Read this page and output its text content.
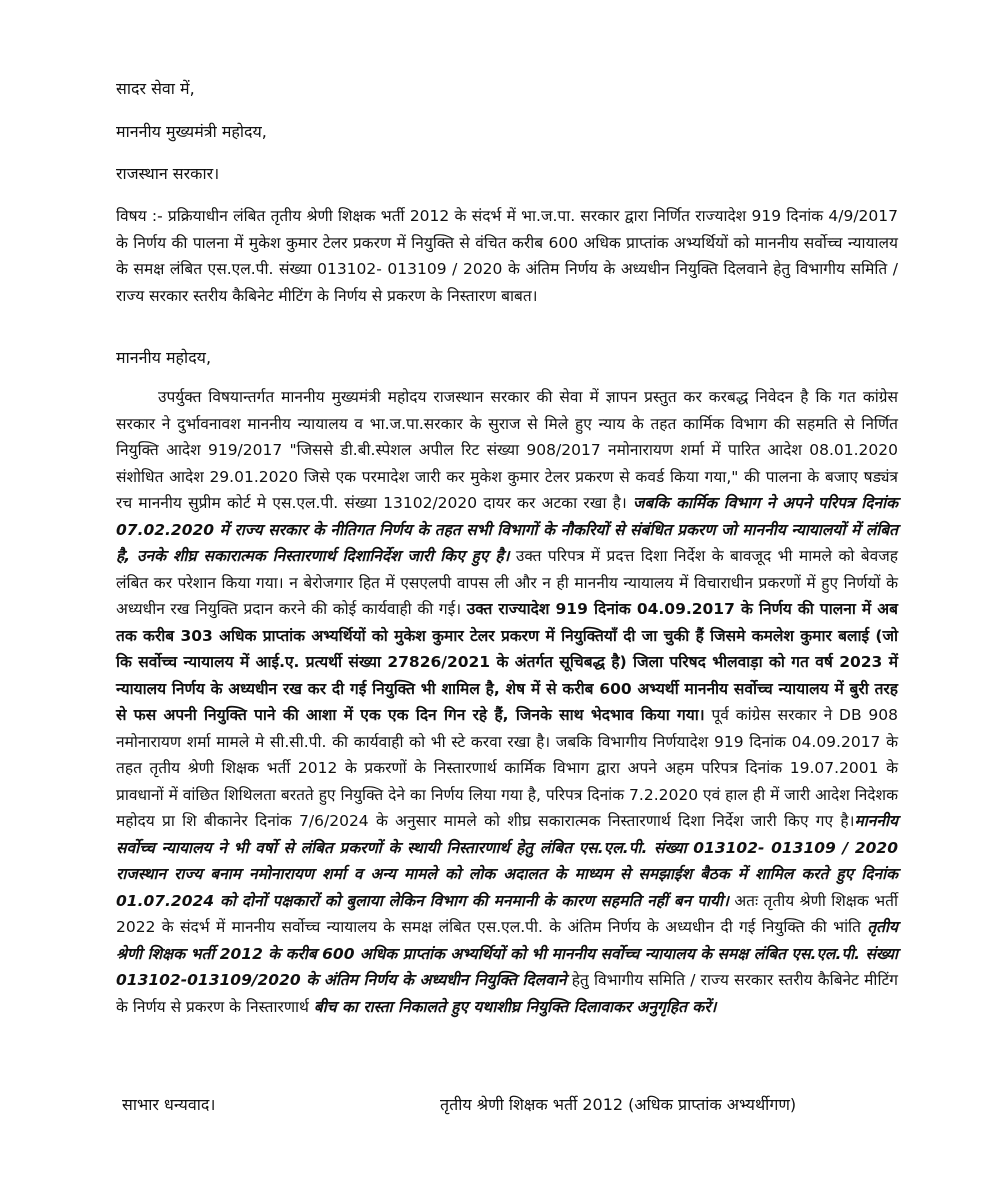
सादर सेवा में,
माननीय मुख्यमंत्री महोदय,
राजस्थान सरकार।
विषय :- प्रक्रियाधीन लंबित तृतीय श्रेणी शिक्षक भर्ती 2012 के संदर्भ में भा.ज.पा. सरकार द्वारा निर्णित राज्यादेश 919 दिनांक 4/9/2017 के निर्णय की पालना में मुकेश कुमार टेलर प्रकरण में नियुक्ति से वंचित करीब 600 अधिक प्राप्तांक अभ्यर्थियों को माननीय सर्वोच्च न्यायालय के समक्ष लंबित एस.एल.पी. संख्या 013102- 013109 / 2020 के अंतिम निर्णय के अध्यधीन नियुक्ति दिलवाने हेतु विभागीय समिति / राज्य सरकार स्तरीय कैबिनेट मीटिंग के निर्णय से प्रकरण के निस्तारण बाबत।
माननीय महोदय,
उपर्युक्त विषयान्तर्गत माननीय मुख्यमंत्री महोदय राजस्थान सरकार की सेवा में ज्ञापन प्रस्तुत कर करबद्ध निवेदन है कि गत कांग्रेस सरकार ने दुर्भावनावश माननीय न्यायालय व भा.ज.पा.सरकार के सुराज से मिले हुए न्याय के तहत कार्मिक विभाग की सहमति से निर्णित नियुक्ति आदेश 919/2017 "जिससे डी.बी.स्पेशल अपील रिट संख्या 908/2017 नमोनारायण शर्मा में पारित आदेश 08.01.2020 संशोधित आदेश 29.01.2020 जिसे एक परमादेश जारी कर मुकेश कुमार टेलर प्रकरण से कवर्ड किया गया," की पालना के बजाए षड्यंत्र रच माननीय सुप्रीम कोर्ट मे एस.एल.पी. संख्या 13102/2020 दायर कर अटका रखा है। जबकि कार्मिक विभाग ने अपने परिपत्र दिनांक 07.02.2020 में राज्य सरकार के नीतिगत निर्णय के तहत सभी विभागों के नौकरियों से संबंधित प्रकरण जो माननीय न्यायालयों में लंबित है, उनके शीघ्र सकारात्मक निस्तारणार्थ दिशानिर्देश जारी किए हुए है। उक्त परिपत्र में प्रदत्त दिशा निर्देश के बावजूद भी मामले को बेवजह लंबित कर परेशान किया गया। न बेरोजगार हित में एसएलपी वापस ली और न ही माननीय न्यायालय में विचाराधीन प्रकरणों में हुए निर्णयों के अध्यधीन रख नियुक्ति प्रदान करने की कोई कार्यवाही की गई। उक्त राज्यादेश 919 दिनांक 04.09.2017 के निर्णय की पालना में अब तक करीब 303 अधिक प्राप्तांक अभ्यर्थियों को मुकेश कुमार टेलर प्रकरण में नियुक्तियाँ दी जा चुकी हैं जिसमे कमलेश कुमार बलाई (जो कि सर्वोच्च न्यायालय में आई.ए. प्रत्यर्थी संख्या 27826/2021 के अंतर्गत सूचिबद्ध है) जिला परिषद भीलवाड़ा को गत वर्ष 2023 में न्यायालय निर्णय के अध्यधीन रख कर दी गई नियुक्ति भी शामिल है, शेष में से करीब 600 अभ्यर्थी माननीय सर्वोच्च न्यायालय में बुरी तरह से फस अपनी नियुक्ति पाने की आशा में एक एक दिन गिन रहे हैं, जिनके साथ भेदभाव किया गया। पूर्व कांग्रेस सरकार ने DB 908 नमोनारायण शर्मा मामले मे सी.सी.पी. की कार्यवाही को भी स्टे करवा रखा है। जबकि विभागीय निर्णयादेश 919 दिनांक 04.09.2017 के तहत तृतीय श्रेणी शिक्षक भर्ती 2012 के प्रकरणों के निस्तारणार्थ कार्मिक विभाग द्वारा अपने अहम परिपत्र दिनांक 19.07.2001 के प्रावधानों में वांछित शिथिलता बरतते हुए नियुक्ति देने का निर्णय लिया गया है, परिपत्र दिनांक 7.2.2020 एवं हाल ही में जारी आदेश निदेशक महोदय प्रा शि बीकानेर दिनांक 7/6/2024 के अनुसार मामले को शीघ्र सकारात्मक निस्तारणार्थ दिशा निर्देश जारी किए गए है।माननीय सर्वोच्च न्यायालय ने भी वर्षो से लंबित प्रकरणों के स्थायी निस्तारणार्थ हेतु लंबित एस.एल.पी. संख्या 013102- 013109 / 2020 राजस्थान राज्य बनाम नमोनारायण शर्मा व अन्य मामले को लोक अदालत के माध्यम से समझाईश बैठक में शामिल करते हुए दिनांक 01.07.2024 को दोनों पक्षकारों को बुलाया लेकिन विभाग की मनमानी के कारण सहमति नहीं बन पायी। अतः तृतीय श्रेणी शिक्षक भर्ती 2022 के संदर्भ में माननीय सर्वोच्च न्यायालय के समक्ष लंबित एस.एल.पी. के अंतिम निर्णय के अध्यधीन दी गई नियुक्ति की भांति तृतीय श्रेणी शिक्षक भर्ती 2012 के करीब 600 अधिक प्राप्तांक अभ्यर्थियों को भी माननीय सर्वोच्च न्यायालय के समक्ष लंबित एस.एल.पी. संख्या 013102-013109/2020 के अंतिम निर्णय के अध्यधीन नियुक्ति दिलवाने हेतु विभागीय समिति / राज्य सरकार स्तरीय कैबिनेट मीटिंग के निर्णय से प्रकरण के निस्तारणार्थ बीच का रास्ता निकालते हुए यथाशीघ्र नियुक्ति दिलावाकर अनुगृहित करें।
साभार धन्यवाद।	तृतीय श्रेणी शिक्षक भर्ती 2012 (अधिक प्राप्तांक अभ्यर्थीगण)
